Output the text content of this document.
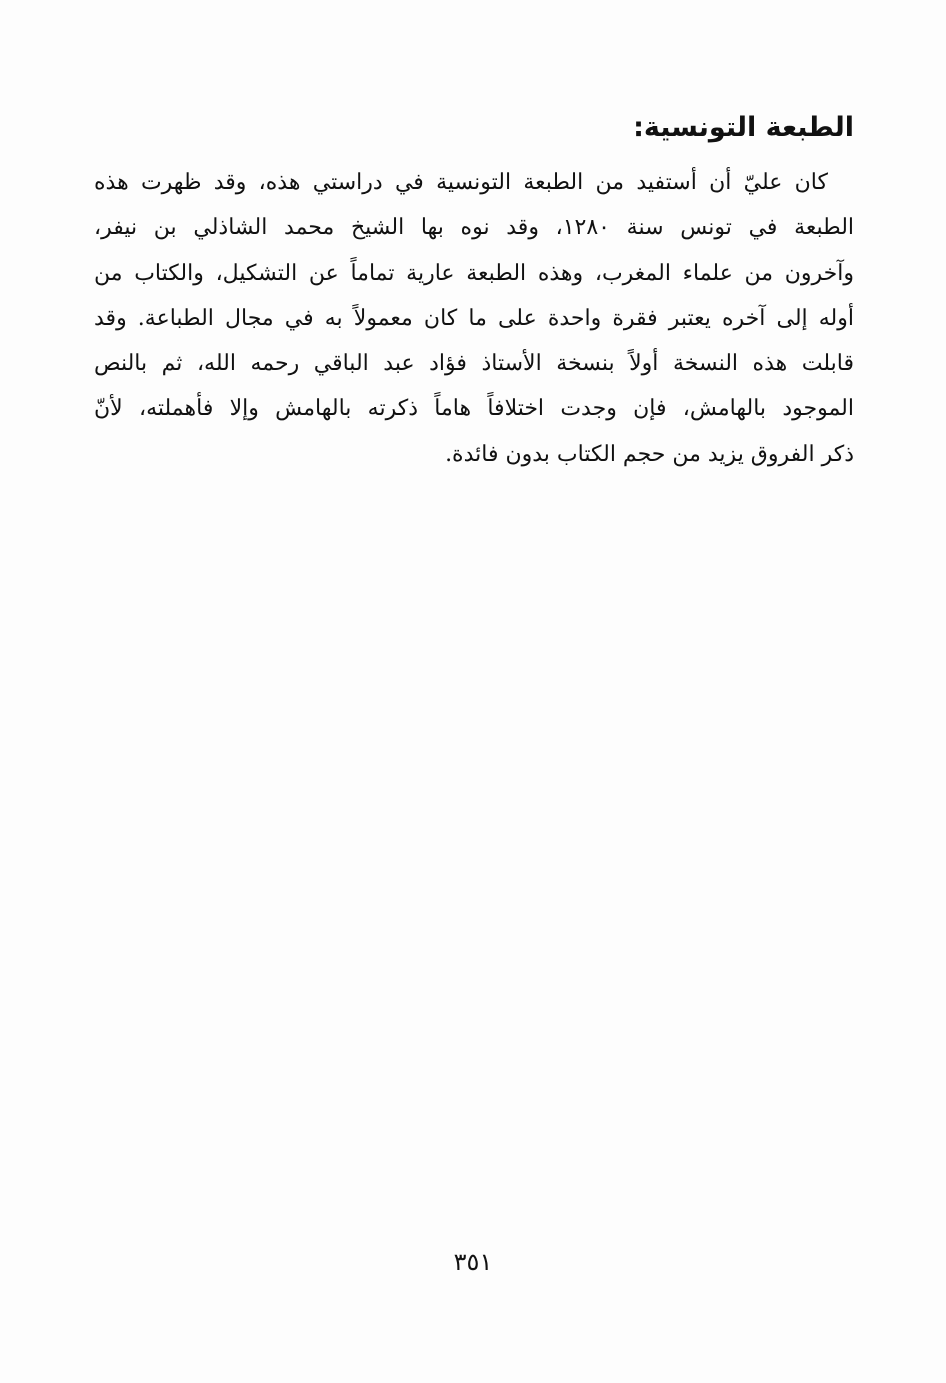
الطبعة التونسية:
كان عليّ أن أستفيد من الطبعة التونسية في دراستي هذه، وقد ظهرت هذه
الطبعة في تونس سنة ١٢٨٠، وقد نوه بها الشيخ محمد الشاذلي بن نيفر،
وآخرون من علماء المغرب، وهذه الطبعة عارية تماماً عن التشكيل، والكتاب من
أوله إلى آخره يعتبر فقرة واحدة على ما كان معمولاً به في مجال الطباعة. وقد
قابلت هذه النسخة أولاً بنسخة الأستاذ فؤاد عبد الباقي رحمه الله، ثم بالنص
الموجود بالهامش، فإن وجدت اختلافاً هاماً ذكرته بالهامش وإلا فأهملته، لأنّ
ذكر الفروق يزيد من حجم الكتاب بدون فائدة.
٣٥١
